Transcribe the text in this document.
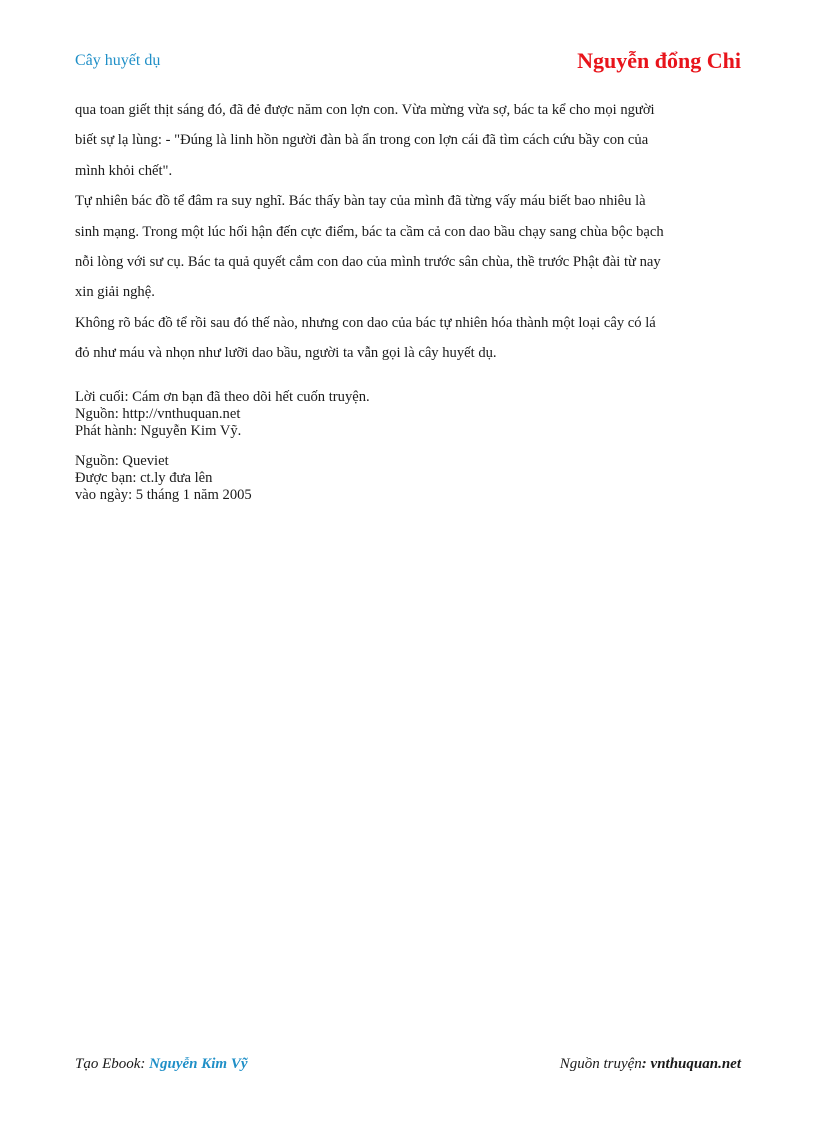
Cây huyết dụ	Nguyễn đổng Chi

qua toan giết thịt sáng đó, đã đẻ được năm con lợn con. Vừa mừng vừa sợ, bác ta kể cho mọi người

biết sự lạ lùng: - "Đúng là linh hồn người đàn bà ẩn trong con lợn cái đã tìm cách cứu bầy con của

mình khỏi chết".

Tự nhiên bác đồ tể đâm ra suy nghĩ. Bác thấy bàn tay của mình đã từng vấy máu biết bao nhiêu là

sinh mạng. Trong một lúc hối hận đến cực điểm, bác ta cầm cả con dao bầu chạy sang chùa bộc bạch

nỗi lòng với sư cụ. Bác ta quả quyết cắm con dao của mình trước sân chùa, thề trước Phật đài từ nay

xin giải nghệ.

Không rõ bác đồ tể rồi sau đó thế nào, nhưng con dao của bác tự nhiên hóa thành một loại cây có lá

đỏ như máu và nhọn như lưỡi dao bầu, người ta vẫn gọi là cây huyết dụ.

Lời cuối: Cám ơn bạn đã theo dõi hết cuốn truyện.
Nguồn: http://vnthuquan.net
Phát hành: Nguyễn Kim Vỹ.
Nguồn: Queviet
Được bạn: ct.ly đưa lên
vào ngày: 5 tháng 1 năm 2005
Tạo Ebook: Nguyễn Kim Vỹ	Nguồn truyện: vnthuquan.net
